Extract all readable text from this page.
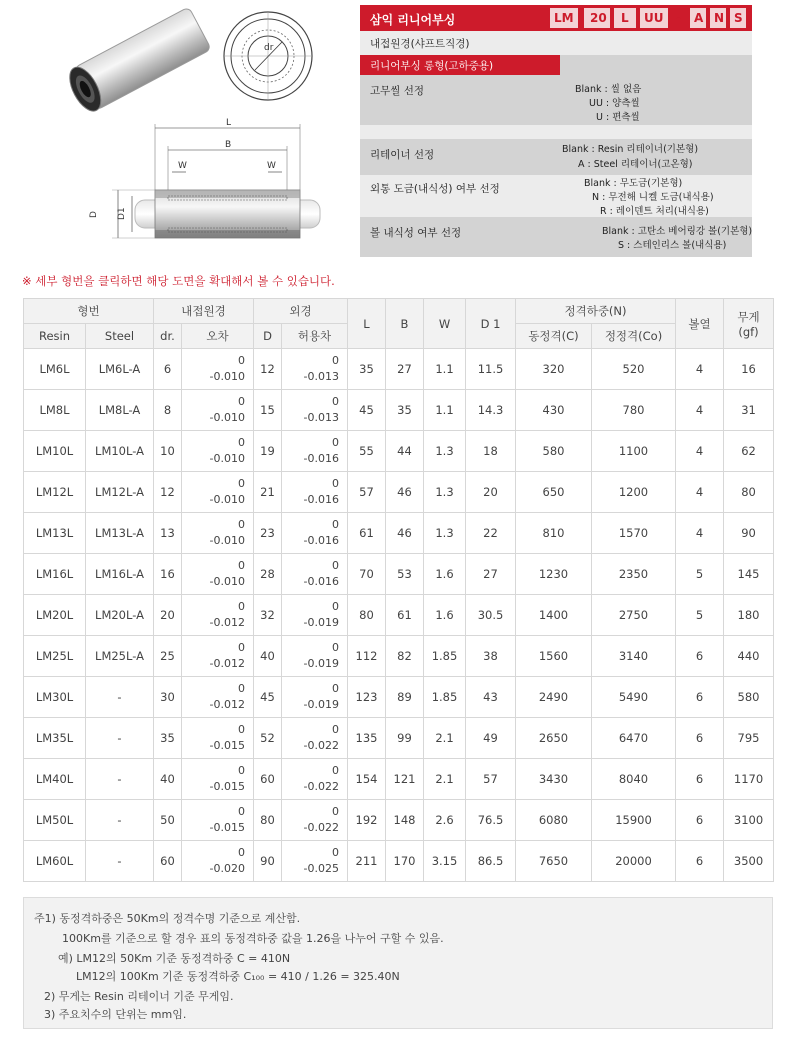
dr
L
B
W	W
D D1
삼익 리니어부싱	LM 20 L UU - A N S
내접원경(샤프트직경)
리니어부싱 롱형(고하중용)
고무씰 선정	Blank : 씰 없음
UU : 양측씰
U : 편측씰
리테이너 선정	Blank : Resin 리테이너(기본형)
A : Steel 리테이너(고온형)
외통 도금(내식성) 여부 선정	Blank : 무도금(기본형)
N : 무전해 니켈 도금(내식용)
R : 레이덴트 처리(내식용)
볼 내식성 여부 선정	Blank : 고탄소 베어링강 볼(기본형)
S : 스테인리스 볼(내식용)
※ 세부 형번을 클릭하면 해당 도면을 확대해서 볼 수 있습니다.
형번		내접원경		외경		L	B	W	D 1	정격하중(N)		볼열	무게
(gf)
Resin	Steel	dr.	오차	D	허용차					동정격(C)	정정격(Co)		
LM6L	LM6L-A	6	0
-0.010	12	0
-0.013	35	27	1.1	11.5	320	520	4	16
LM8L	LM8L-A	8	0
-0.010	15	0
-0.013	45	35	1.1	14.3	430	780	4	31
LM10L	LM10L-A	10	0
-0.010	19	0
-0.016	55	44	1.3	18	580	1100	4	62
LM12L	LM12L-A	12	0
-0.010	21	0
-0.016	57	46	1.3	20	650	1200	4	80
LM13L	LM13L-A	13	0
-0.010	23	0
-0.016	61	46	1.3	22	810	1570	4	90
LM16L	LM16L-A	16	0
-0.010	28	0
-0.016	70	53	1.6	27	1230	2350	5	145
LM20L	LM20L-A	20	0
-0.012	32	0
-0.019	80	61	1.6	30.5	1400	2750	5	180
LM25L	LM25L-A	25	0
-0.012	40	0
-0.019	112	82	1.85	38	1560	3140	6	440
LM30L	-	30	0
-0.012	45	0
-0.019	123	89	1.85	43	2490	5490	6	580
LM35L	-	35	0
-0.015	52	0
-0.022	135	99	2.1	49	2650	6470	6	795
LM40L	-	40	0
-0.015	60	0
-0.022	154	121	2.1	57	3430	8040	6	1170
LM50L	-	50	0
-0.015	80	0
-0.022	192	148	2.6	76.5	6080	15900	6	3100
LM60L	-	60	0
-0.020	90	0
-0.025	211	170	3.15	86.5	7650	20000	6	3500
주1) 동정격하중은 50Km의 정격수명 기준으로 계산함.
100Km를 기준으로 할 경우 표의 동정격하중 값을 1.26을 나누어 구할 수 있음.
예) LM12의 50Km 기준 동정격하중 C = 410N
LM12의 100Km 기준 동정격하중 C₁₀₀ = 410 / 1.26 = 325.40N
2) 무게는 Resin 리테이너 기준 무게임.
3) 주요치수의 단위는 mm임.
